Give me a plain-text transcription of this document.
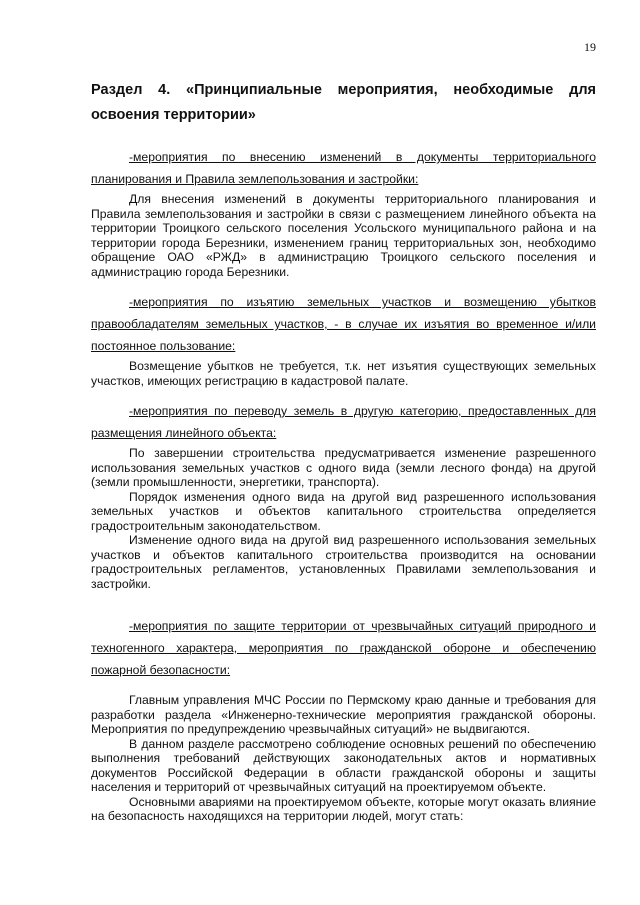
19
Раздел 4. «Принципиальные мероприятия, необходимые для освоения территории»

-мероприятия по внесению изменений в документы территориального планирования и Правила землепользования и застройки:

Для внесения изменений в документы территориального планирования и Правила землепользования и застройки в связи с размещением линейного объекта на территории Троицкого сельского поселения Усольского муниципального района и на территории города Березники, изменением границ территориальных зон, необходимо обращение ОАО «РЖД» в администрацию Троицкого сельского поселения и администрацию города Березники.

-мероприятия по изъятию земельных участков и возмещению убытков правообладателям земельных участков, - в случае их изъятия во временное и/или постоянное пользование:

Возмещение убытков не требуется, т.к. нет изъятия существующих земельных участков, имеющих регистрацию в кадастровой палате.

-мероприятия по переводу земель в другую категорию, предоставленных для размещения линейного объекта:

По завершении строительства предусматривается изменение разрешенного использования земельных участков с одного вида (земли лесного фонда) на другой (земли промышленности, энергетики, транспорта).

Порядок изменения одного вида на другой вид разрешенного использования земельных участков и объектов капитального строительства определяется градостроительным законодательством.

Изменение одного вида на другой вид разрешенного использования земельных участков и объектов капитального строительства производится на основании градостроительных регламентов, установленных Правилами землепользования и застройки.

-мероприятия по защите территории от чрезвычайных ситуаций природного и техногенного характера, мероприятия по гражданской обороне и обеспечению пожарной безопасности:

Главным управления МЧС России по Пермскому краю данные и требования для разработки раздела «Инженерно-технические мероприятия гражданской обороны. Мероприятия по предупреждению чрезвычайных ситуаций» не выдвигаются.

В данном разделе рассмотрено соблюдение основных решений по обеспечению выполнения требований действующих законодательных актов и нормативных документов Российской Федерации в области гражданской обороны и защиты населения и территорий от чрезвычайных ситуаций на проектируемом объекте.

Основными авариями на проектируемом объекте, которые могут оказать влияние на безопасность находящихся на территории людей, могут стать:
